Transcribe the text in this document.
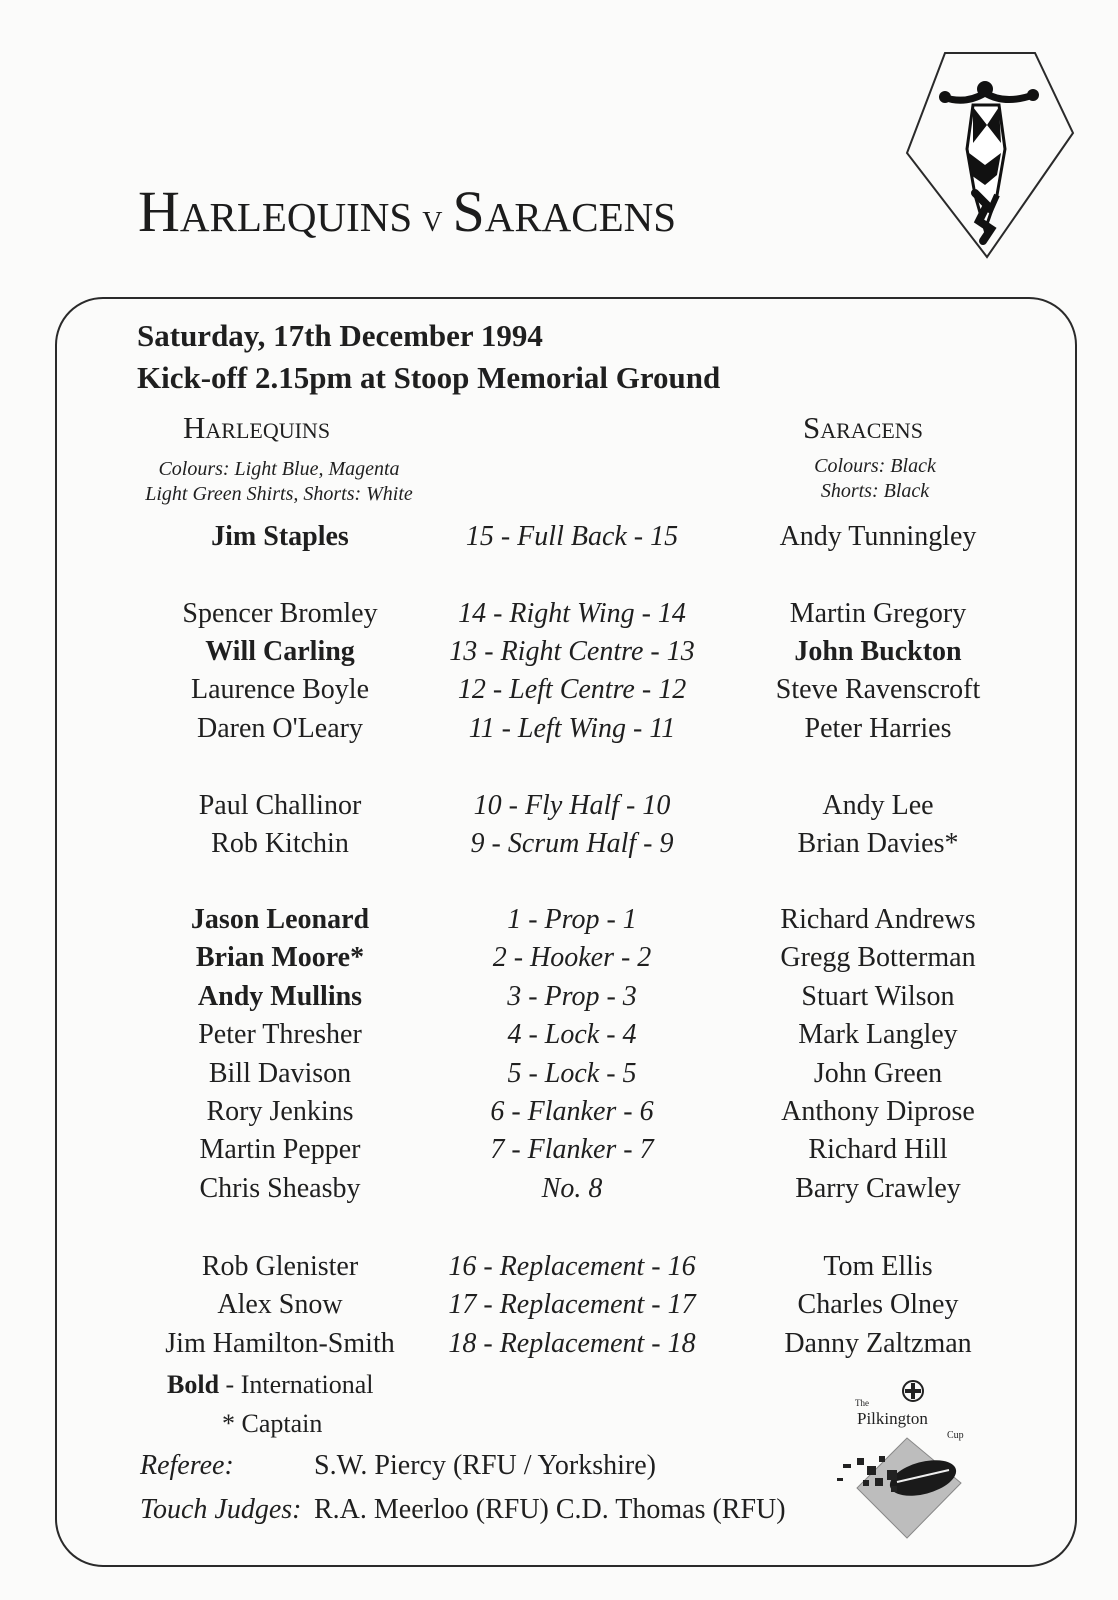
Harlequins v Saracens
Saturday, 17th December 1994
Kick-off 2.15pm at Stoop Memorial Ground
Harlequins	Saracens
Colours: Light Blue, Magenta
Light Green Shirts, Shorts: White
Colours: Black
Shorts: Black
Jim Staples	15 - Full Back - 15	Andy Tunningley
Spencer Bromley	14 - Right Wing - 14	Martin Gregory
Will Carling	13 - Right Centre - 13	John Buckton
Laurence Boyle	12 - Left Centre - 12	Steve Ravenscroft
Daren O'Leary	11 - Left Wing - 11	Peter Harries
Paul Challinor	10 - Fly Half - 10	Andy Lee
Rob Kitchin	9 - Scrum Half - 9	Brian Davies*
Jason Leonard	1 - Prop - 1	Richard Andrews
Brian Moore*	2 - Hooker - 2	Gregg Botterman
Andy Mullins	3 - Prop - 3	Stuart Wilson
Peter Thresher	4 - Lock - 4	Mark Langley
Bill Davison	5 - Lock - 5	John Green
Rory Jenkins	6 - Flanker - 6	Anthony Diprose
Martin Pepper	7 - Flanker - 7	Richard Hill
Chris Sheasby	No. 8	Barry Crawley
Rob Glenister	16 - Replacement - 16	Tom Ellis
Alex Snow	17 - Replacement - 17	Charles Olney
Jim Hamilton-Smith	18 - Replacement - 18	Danny Zaltzman
Bold - International
* Captain
Referee:	S.W. Piercy (RFU / Yorkshire)
Touch Judges: R.A. Meerloo (RFU) C.D. Thomas (RFU)
The
Pilkington
Cup
